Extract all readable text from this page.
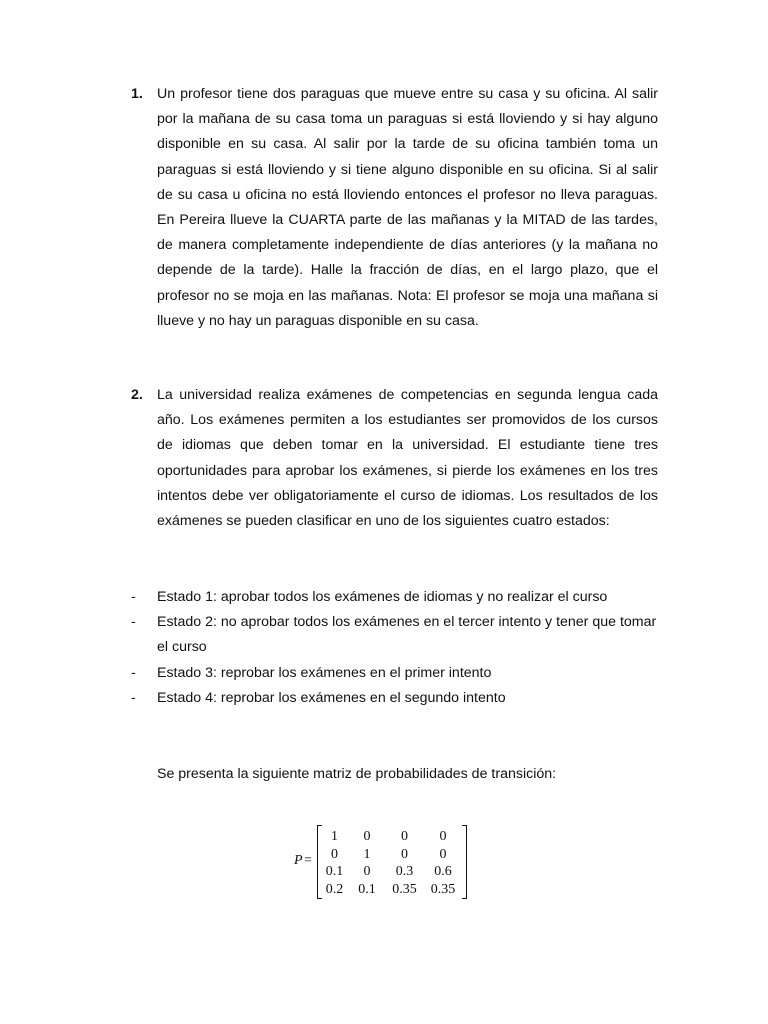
1. Un profesor tiene dos paraguas que mueve entre su casa y su oficina. Al salir por la mañana de su casa toma un paraguas si está lloviendo y si hay alguno disponible en su casa. Al salir por la tarde de su oficina también toma un paraguas si está lloviendo y si tiene alguno disponible en su oficina. Si al salir de su casa u oficina no está lloviendo entonces el profesor no lleva paraguas. En Pereira llueve la CUARTA parte de las mañanas y la MITAD de las tardes, de manera completamente independiente de días anteriores (y la mañana no depende de la tarde). Halle la fracción de días, en el largo plazo, que el profesor no se moja en las mañanas. Nota: El profesor se moja una mañana si llueve y no hay un paraguas disponible en su casa.

2. La universidad realiza exámenes de competencias en segunda lengua cada año. Los exámenes permiten a los estudiantes ser promovidos de los cursos de idiomas que deben tomar en la universidad. El estudiante tiene tres oportunidades para aprobar los exámenes, si pierde los exámenes en los tres intentos debe ver obligatoriamente el curso de idiomas. Los resultados de los exámenes se pueden clasificar en uno de los siguientes cuatro estados:

- Estado 1: aprobar todos los exámenes de idiomas y no realizar el curso
- Estado 2: no aprobar todos los exámenes en el tercer intento y tener que tomar el curso
- Estado 3: reprobar los exámenes en el primer intento
- Estado 4: reprobar los exámenes en el segundo intento

Se presenta la siguiente matriz de probabilidades de transición:

P =
1	0	0	0
0	1	0	0
0.1	0	0.3	0.6
0.2	0.1	0.35	0.35
